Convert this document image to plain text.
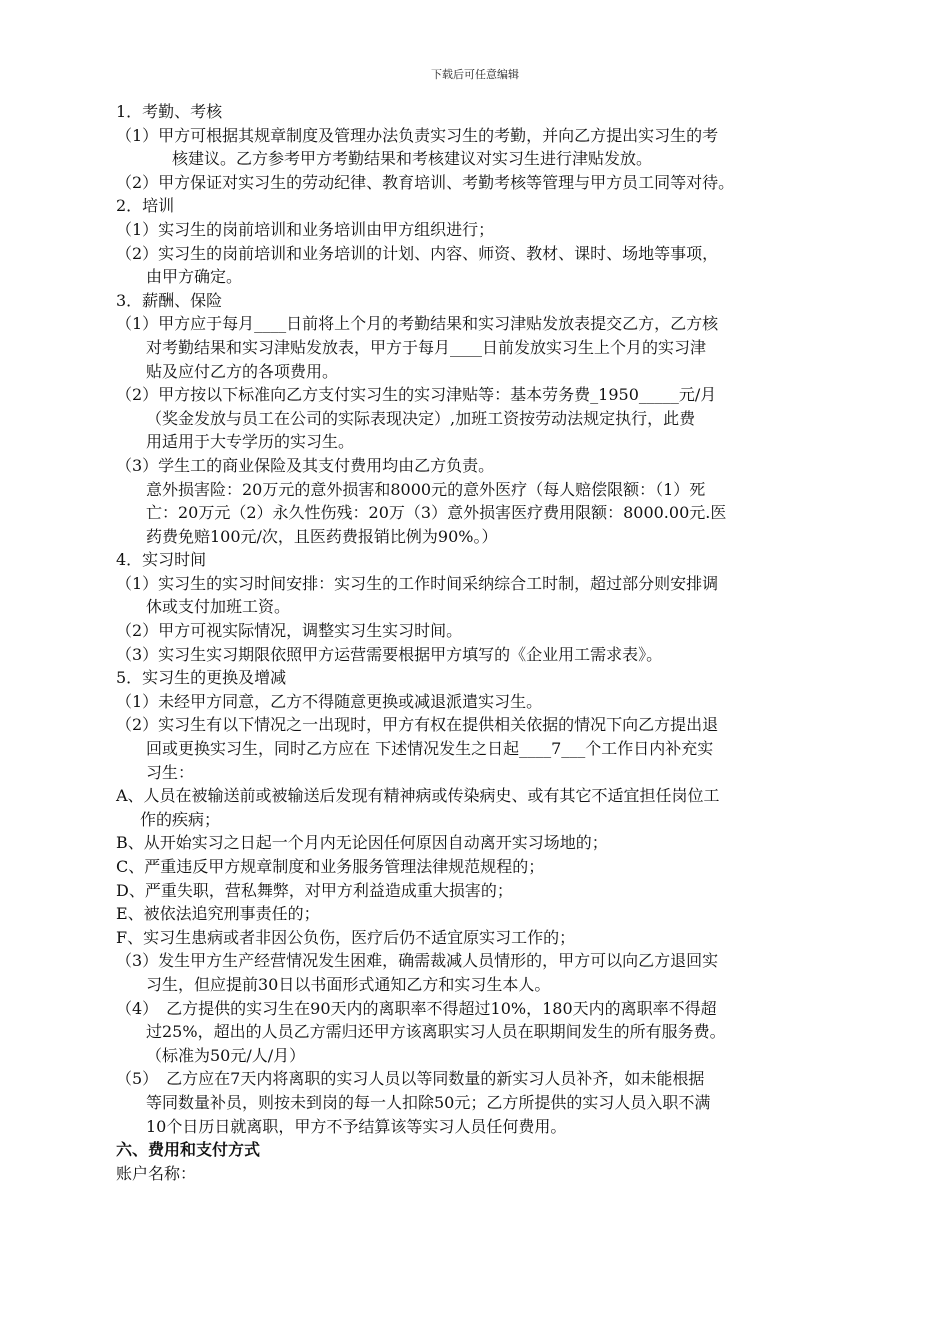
下载后可任意编辑
1．考勤、考核
（1）甲方可根据其规章制度及管理办法负责实习生的考勤，并向乙方提出实习生的考
核建议。乙方参考甲方考勤结果和考核建议对实习生进行津贴发放。
（2）甲方保证对实习生的劳动纪律、教育培训、考勤考核等管理与甲方员工同等对待。
2．培训
（1）实习生的岗前培训和业务培训由甲方组织进行；
（2）实习生的岗前培训和业务培训的计划、内容、师资、教材、课时、场地等事项，
由甲方确定。
3．薪酬、保险
（1）甲方应于每月____日前将上个月的考勤结果和实习津贴发放表提交乙方，乙方核
对考勤结果和实习津贴发放表，甲方于每月____日前发放实习生上个月的实习津
贴及应付乙方的各项费用。
（2）甲方按以下标准向乙方支付实习生的实习津贴等：基本劳务费_1950_____元/月
（奖金发放与员工在公司的实际表现决定）,加班工资按劳动法规定执行，此费
用适用于大专学历的实习生。
（3）学生工的商业保险及其支付费用均由乙方负责。
意外损害险：20万元的意外损害和8000元的意外医疗（每人赔偿限额：（1）死
亡：20万元（2）永久性伤残：20万（3）意外损害医疗费用限额：8000.00元.医
药费免赔100元/次，且医药费报销比例为90%。）
4．实习时间
（1）实习生的实习时间安排：实习生的工作时间采纳综合工时制，超过部分则安排调
休或支付加班工资。
（2）甲方可视实际情况，调整实习生实习时间。
（3）实习生实习期限依照甲方运营需要根据甲方填写的《企业用工需求表》。
5．实习生的更换及增减
（1）未经甲方同意，乙方不得随意更换或减退派遣实习生。
（2）实习生有以下情况之一出现时，甲方有权在提供相关依据的情况下向乙方提出退
回或更换实习生，同时乙方应在 下述情况发生之日起____7___个工作日内补充实
习生：
A、人员在被输送前或被输送后发现有精神病或传染病史、或有其它不适宜担任岗位工
作的疾病；
B、从开始实习之日起一个月内无论因任何原因自动离开实习场地的；
C、严重违反甲方规章制度和业务服务管理法律规范规程的；
D、严重失职，营私舞弊，对甲方利益造成重大损害的；
E、被依法追究刑事责任的；
F、实习生患病或者非因公负伤，医疗后仍不适宜原实习工作的；
（3）发生甲方生产经营情况发生困难，确需裁减人员情形的，甲方可以向乙方退回实
习生，但应提前30日以书面形式通知乙方和实习生本人。
（4）　乙方提供的实习生在90天内的离职率不得超过10%，180天内的离职率不得超
过25%，超出的人员乙方需归还甲方该离职实习人员在职期间发生的所有服务费。
（标准为50元/人/月）
（5）　乙方应在7天内将离职的实习人员以等同数量的新实习人员补齐，如未能根据
等同数量补员，则按未到岗的每一人扣除50元；乙方所提供的实习人员入职不满
10个日历日就离职，甲方不予结算该等实习人员任何费用。
六、费用和支付方式
账户名称：
